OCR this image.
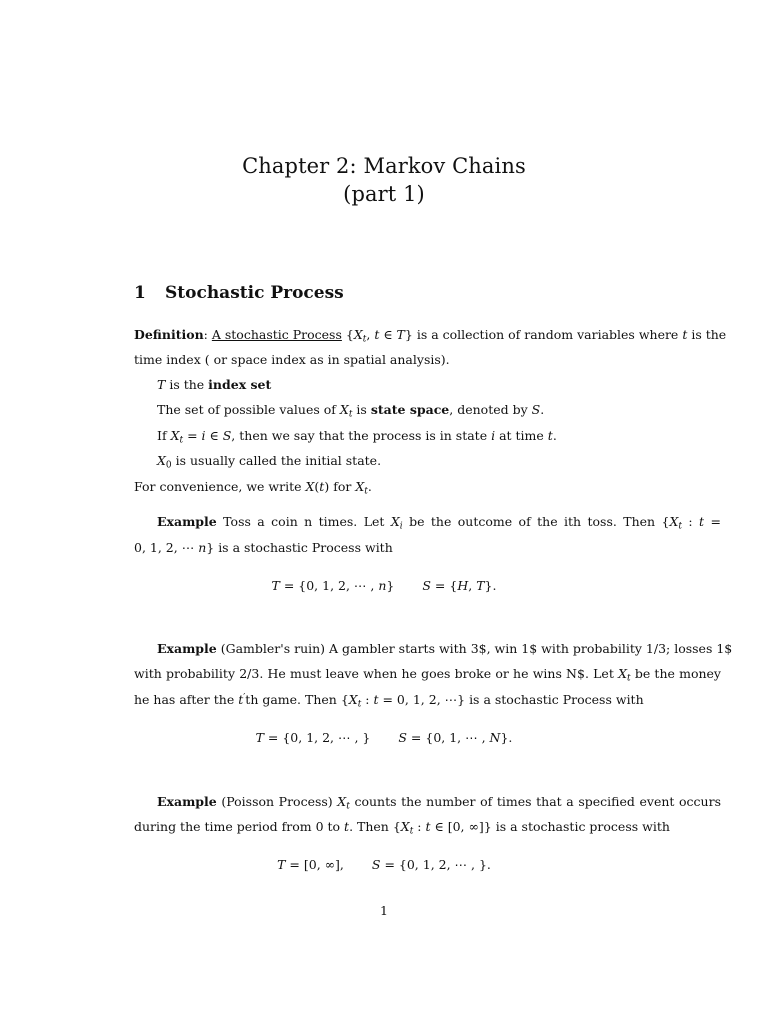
Chapter 2: Markov Chains
(part 1)
1 Stochastic Process
Definition: A stochastic Process {$X_t$, t ∈ T} is a collection of random variables where t is the
time index ( or space index as in spatial analysis).
T is the index set
The set of possible values of $X_t$ is state space, denoted by S.
If $X_t = i$ ∈ S, then we say that the process is in state i at time t.
$X_0$ is usually called the initial state.
For convenience, we write X(t) for $X_t$.
Example Toss a coin n times. Let $X_i$ be the outcome of the ith toss. Then {$X_t$ : t =
0, 1, 2, ⋯ n} is a stochastic Process with
T = {0, 1, 2, ⋯ , n} S = {H, T}.
Example (Gambler's ruin) A gambler starts with 3$, win 1$ with probability 1/3; losses 1$
with probability 2/3. He must leave when he goes broke or he wins N$. Let $X_t$ be the money
he has after the t′th game. Then {$X_t$ : t = 0, 1, 2, ⋯} is a stochastic Process with
T = {0, 1, 2, ⋯ , } S = {0, 1, ⋯ , N}.
Example (Poisson Process) $X_t$ counts the number of times that a specified event occurs
during the time period from 0 to t. Then {$X_t$ : t ∈ [0, ∞]} is a stochastic process with
T = [0, ∞], S = {0, 1, 2, ⋯ , }.
1
